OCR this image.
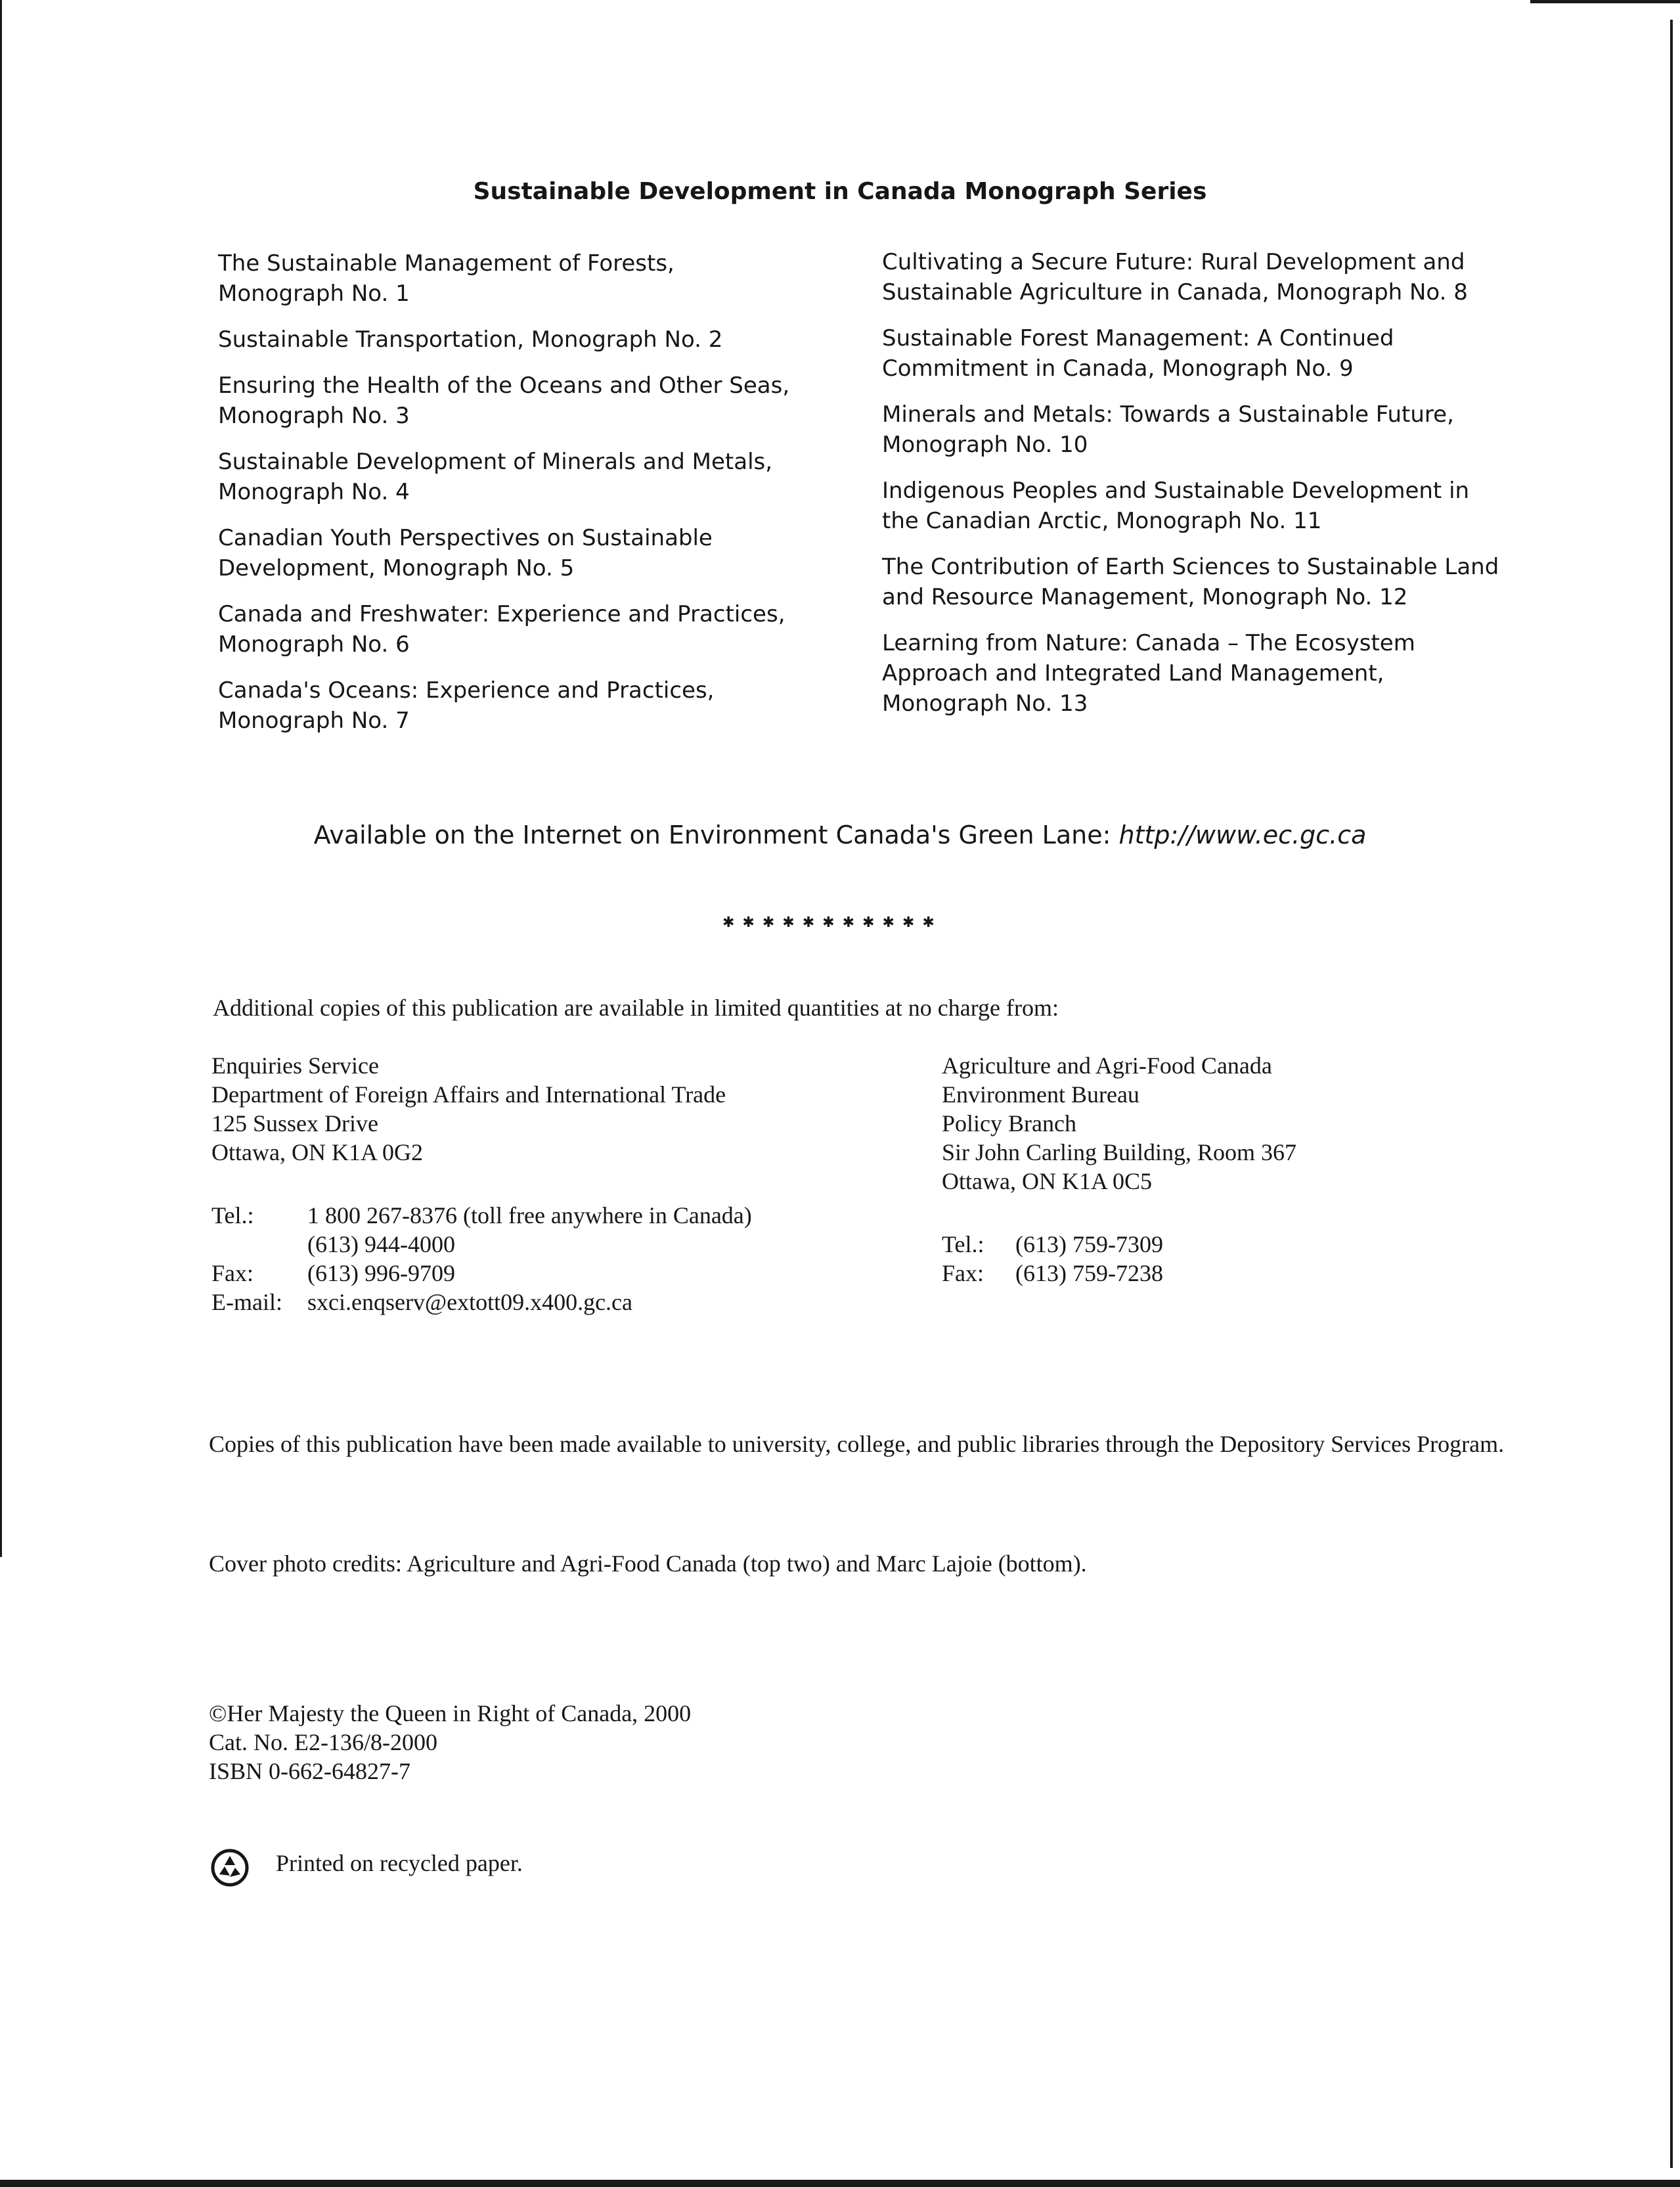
Sustainable Development in Canada Monograph Series
The Sustainable Management of Forests,
Monograph No. 1
Sustainable Transportation, Monograph No. 2
Ensuring the Health of the Oceans and Other Seas,
Monograph No. 3
Sustainable Development of Minerals and Metals,
Monograph No. 4
Canadian Youth Perspectives on Sustainable
Development, Monograph No. 5
Canada and Freshwater: Experience and Practices,
Monograph No. 6
Canada's Oceans: Experience and Practices,
Monograph No. 7
Cultivating a Secure Future: Rural Development and
Sustainable Agriculture in Canada, Monograph No. 8
Sustainable Forest Management: A Continued
Commitment in Canada, Monograph No. 9
Minerals and Metals: Towards a Sustainable Future,
Monograph No. 10
Indigenous Peoples and Sustainable Development in
the Canadian Arctic, Monograph No. 11
The Contribution of Earth Sciences to Sustainable Land
and Resource Management, Monograph No. 12
Learning from Nature: Canada – The Ecosystem
Approach and Integrated Land Management,
Monograph No. 13
Available on the Internet on Environment Canada's Green Lane: http://www.ec.gc.ca
✱✱✱✱✱✱✱✱✱✱✱
Additional copies of this publication are available in limited quantities at no charge from:
Enquiries Service
Department of Foreign Affairs and International Trade
125 Sussex Drive
Ottawa, ON K1A 0G2
Tel.:	1 800 267-8376 (toll free anywhere in Canada)
(613) 944-4000
Fax:	(613) 996-9709
E-mail:	sxci.enqserv@extott09.x400.gc.ca
Agriculture and Agri-Food Canada
Environment Bureau
Policy Branch
Sir John Carling Building, Room 367
Ottawa, ON K1A 0C5
Tel.:	(613) 759-7309
Fax:	(613) 759-7238
Copies of this publication have been made available to university, college, and public libraries through the Depository Services Program.
Cover photo credits: Agriculture and Agri-Food Canada (top two) and Marc Lajoie (bottom).
©Her Majesty the Queen in Right of Canada, 2000
Cat. No. E2-136/8-2000
ISBN 0-662-64827-7
Printed on recycled paper.
